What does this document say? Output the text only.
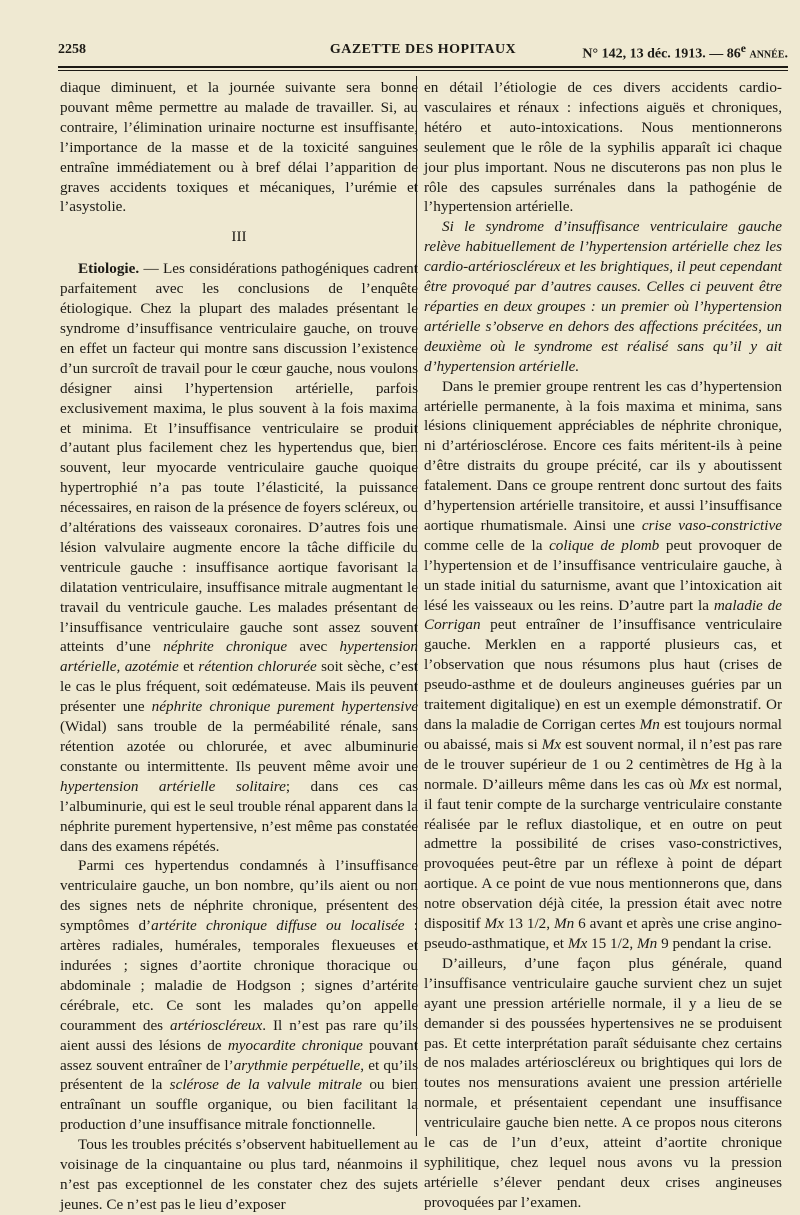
2258	GAZETTE DES HOPITAUX	N° 142, 13 déc. 1913. — 86e année.

diaque diminuent, et la journée suivante sera bonne pouvant même permettre au malade de travailler. Si, au contraire, l’élimination urinaire nocturne est insuffisante, l’importance de la masse et de la toxicité sanguines entraîne immédiatement ou à bref délai l’apparition de graves accidents toxiques et mécaniques, l’urémie et l’asystolie.

III

Etiologie. — Les considérations pathogéniques cadrent parfaitement avec les conclusions de l’enquête étiologique. Chez la plupart des malades présentant le syndrome d’insuffisance ventriculaire gauche, on trouve en effet un facteur qui montre sans discussion l’existence d’un surcroît de travail pour le cœur gauche, nous voulons désigner ainsi l’hypertension artérielle, parfois exclusivement maxima, le plus souvent à la fois maxima et minima. Et l’insuffisance ventriculaire se produit d’autant plus facilement chez les hypertendus que, bien souvent, leur myocarde ventriculaire gauche quoique hypertrophié n’a pas toute l’élasticité, la puissance nécessaires, en raison de la présence de foyers scléreux, ou d’altérations des vaisseaux coronaires. D’autres fois une lésion valvulaire augmente encore la tâche difficile du ventricule gauche : insuffisance aortique favorisant la dilatation ventriculaire, insuffisance mitrale augmentant le travail du ventricule gauche. Les malades présentant de l’insuffisance ventriculaire gauche sont assez souvent atteints d’une néphrite chronique avec hypertension artérielle, azotémie et rétention chlorurée soit sèche, c’est le cas le plus fréquent, soit œdémateuse. Mais ils peuvent présenter une néphrite chronique purement hypertensive (Widal) sans trouble de la perméabilité rénale, sans rétention azotée ou chlorurée, et avec albuminurie constante ou intermittente. Ils peuvent même avoir une hypertension artérielle solitaire; dans ces cas l’albuminurie, qui est le seul trouble rénal apparent dans la néphrite purement hypertensive, n’est même pas constatée dans des examens répétés.

Parmi ces hypertendus condamnés à l’insuffisance ventriculaire gauche, un bon nombre, qu’ils aient ou non des signes nets de néphrite chronique, présentent des symptômes d’artérite chronique diffuse ou localisée : artères radiales, humérales, temporales flexueuses et indurées ; signes d’aortite chronique thoracique ou abdominale ; maladie de Hodgson ; signes d’artérite cérébrale, etc. Ce sont les malades qu’on appelle couramment des artérioscléreux. Il n’est pas rare qu’ils aient aussi des lésions de myocardite chronique pouvant assez souvent entraîner de l’arythmie perpétuelle, et qu’ils présentent de la sclérose de la valvule mitrale ou bien entraînant un souffle organique, ou bien facilitant la production d’une insuffisance mitrale fonctionnelle.

Tous les troubles précités s’observent habituellement au voisinage de la cinquantaine ou plus tard, néanmoins il n’est pas exceptionnel de les constater chez des sujets jeunes. Ce n’est pas le lieu d’exposer

en détail l’étiologie de ces divers accidents cardio-vasculaires et rénaux : infections aiguës et chroniques, hétéro et auto-intoxications. Nous mentionnerons seulement que le rôle de la syphilis apparaît ici chaque jour plus important. Nous ne discuterons pas non plus le rôle des capsules surrénales dans la pathogénie de l’hypertension artérielle.

Si le syndrome d’insuffisance ventriculaire gauche relève habituellement de l’hypertension artérielle chez les cardio-artérioscléreux et les brightiques, il peut cependant être provoqué par d’autres causes. Celles ci peuvent être réparties en deux groupes : un premier où l’hypertension artérielle s’observe en dehors des affections précitées, un deuxième où le syndrome est réalisé sans qu’il y ait d’hypertension artérielle.

Dans le premier groupe rentrent les cas d’hypertension artérielle permanente, à la fois maxima et minima, sans lésions cliniquement appréciables de néphrite chronique, ni d’artériosclérose. Encore ces faits méritent-ils à peine d’être distraits du groupe précité, car ils y aboutissent fatalement. Dans ce groupe rentrent donc surtout des faits d’hypertension artérielle transitoire, et aussi l’insuffisance aortique rhumatismale. Ainsi une crise vaso-constrictive comme celle de la colique de plomb peut provoquer de l’hypertension et de l’insuffisance ventriculaire gauche, à un stade initial du saturnisme, avant que l’intoxication ait lésé les vaisseaux ou les reins. D’autre part la maladie de Corrigan peut entraîner de l’insuffisance ventriculaire gauche. Merklen en a rapporté plusieurs cas, et l’observation que nous résumons plus haut (crises de pseudo-asthme et de douleurs angineuses guéries par un traitement digitalique) en est un exemple démonstratif. Or dans la maladie de Corrigan certes Mn est toujours normal ou abaissé, mais si Mx est souvent normal, il n’est pas rare de le trouver supérieur de 1 ou 2 centimètres de Hg à la normale. D’ailleurs même dans les cas où Mx est normal, il faut tenir compte de la surcharge ventriculaire constante réalisée par le reflux diastolique, et en outre on peut admettre la possibilité de crises vaso-constrictives, provoquées peut-être par un réflexe à point de départ aortique. A ce point de vue nous mentionnerons que, dans notre observation déjà citée, la pression était avec notre dispositif Mx 13 1/2, Mn 6 avant et après une crise angino-pseudo-asthmatique, et Mx 15 1/2, Mn 9 pendant la crise.

D’ailleurs, d’une façon plus générale, quand l’insuffisance ventriculaire gauche survient chez un sujet ayant une pression artérielle normale, il y a lieu de se demander si des poussées hypertensives ne se produisent pas. Et cette interprétation paraît séduisante chez certains de nos malades artérioscléreux ou brightiques qui lors de toutes nos mensurations avaient une pression artérielle normale, et présentaient cependant une insuffisance ventriculaire gauche bien nette. A ce propos nous citerons le cas de l’un d’eux, atteint d’aortite chronique syphilitique, chez lequel nous avons vu la pression artérielle s’élever pendant deux crises angineuses provoquées par l’examen.
